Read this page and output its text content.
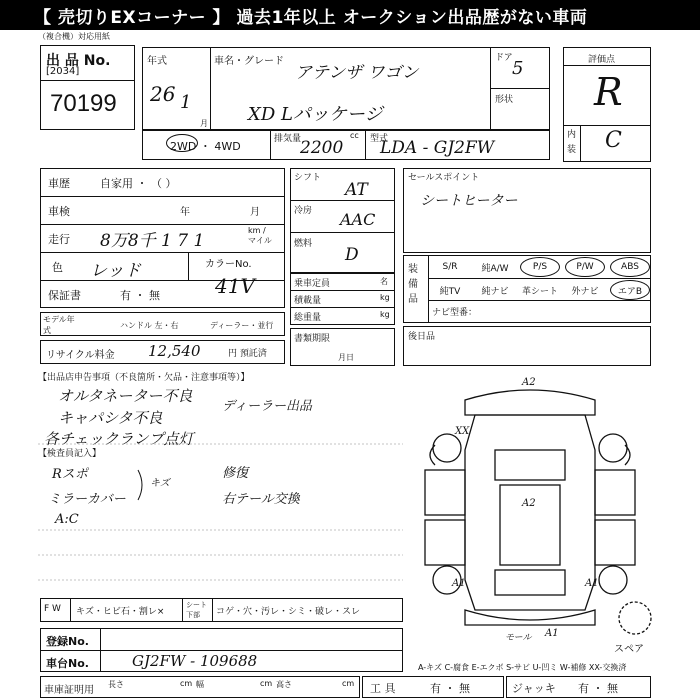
【 売切りEXコーナー 】 過去1年以上 オークション出品歴がない車両
（複合機）対応用紙
出 品 No.
[2034]
70199
年式
26 1
月
車名・グレード
アテンザ ワゴン
XD Lパッケージ
ドア 5
形状
評価点
R
内装 C
2WD ・ 4WD
排気量	cc
2200	型式
LDA - GJ2FW
車歴	自家用 ・ （ ）
車検	年	月
走行 8万8千 1 7 1
km / マイル
色 レッド
保証書	有 ・ 無
カラーNo.
41V
モデル年式
ハンドル 左・右	ディーラー・並行
リサイクル料金 12,540	円 預託済
シフト
AT
冷房 AAC
燃料
D
乗車定員	名
積載量	kg
総重量	kg
書類期限
月日
セールスポイント
シートヒーター
装備品
S/R	純A/W	P/S	P/W	ABS
純TV	純ナビ	革シート	外ナビ	エアB
ナビ型番：
後日品
【出品店申告事項（不良箇所・欠品・注意事項等）】
オルタネーター不良
キャパシタ不良
各チェックランプ点灯
ディーラー出品
【検査員記入】
Rスポ
ミラーカバー
A:C
キズ
修復
右テール交換
A2
XX
A2
A1	A1
モール A1
スペア
A-キズ C-腐食 E-エクボ S-サビ U-凹ミ W-補修 XX-交換済
F W キズ・ヒビ石・割レ×
シート 下部	コゲ・穴・汚レ・シミ・破レ・スレ
登録No.
車台No.	GJ2FW - 109688
車庫証明用
長さ	cm 幅	cm 高さ	cm 工 具	有 ・ 無	ジャッキ 有 ・ 無
